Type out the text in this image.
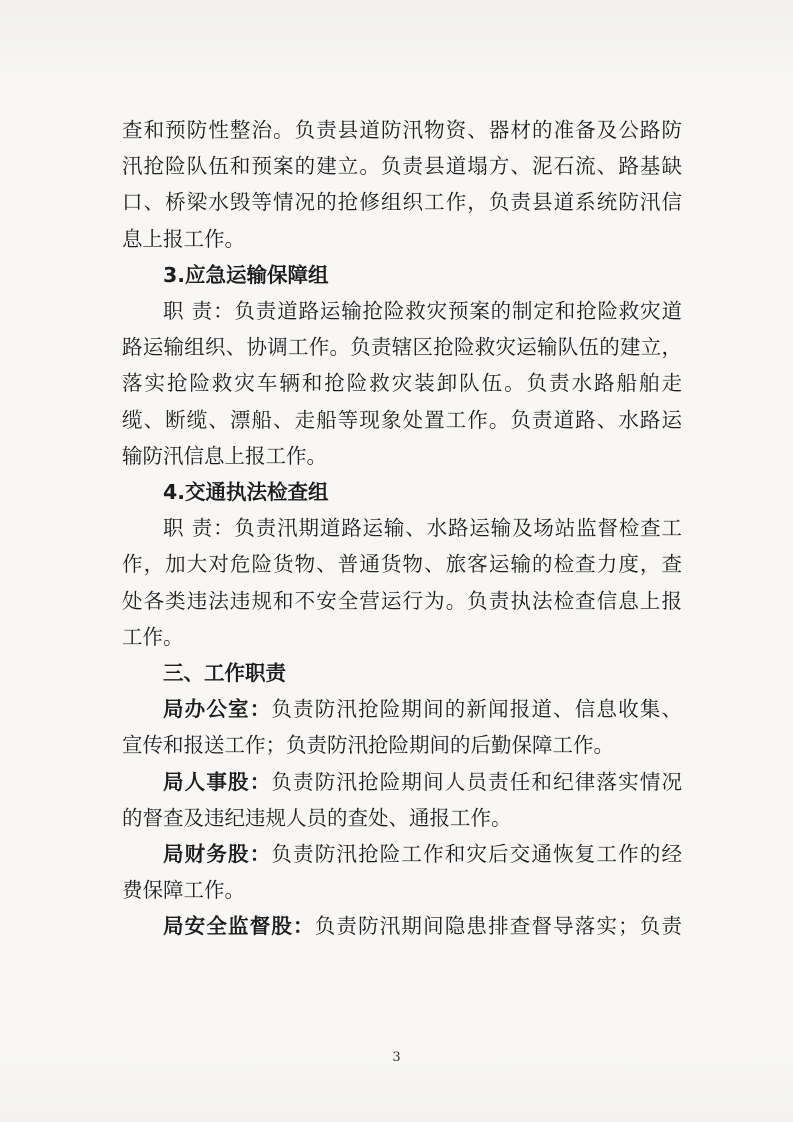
查和预防性整治。负责县道防汛物资、器材的准备及公路防

汛抢险队伍和预案的建立。负责县道塌方、泥石流、路基缺

口、桥梁水毁等情况的抢修组织工作，负责县道系统防汛信

息上报工作。

3.应急运输保障组

职 责：负责道路运输抢险救灾预案的制定和抢险救灾道

路运输组织、协调工作。负责辖区抢险救灾运输队伍的建立，

落实抢险救灾车辆和抢险救灾装卸队伍。负责水路船舶走

缆、断缆、漂船、走船等现象处置工作。负责道路、水路运

输防汛信息上报工作。

4.交通执法检查组

职 责：负责汛期道路运输、水路运输及场站监督检查工

作，加大对危险货物、普通货物、旅客运输的检查力度，查

处各类违法违规和不安全营运行为。负责执法检查信息上报

工作。

三、工作职责

局办公室：负责防汛抢险期间的新闻报道、信息收集、

宣传和报送工作；负责防汛抢险期间的后勤保障工作。

局人事股：负责防汛抢险期间人员责任和纪律落实情况

的督查及违纪违规人员的查处、通报工作。

局财务股：负责防汛抢险工作和灾后交通恢复工作的经

费保障工作。

局安全监督股：负责防汛期间隐患排查督导落实；负责

3
